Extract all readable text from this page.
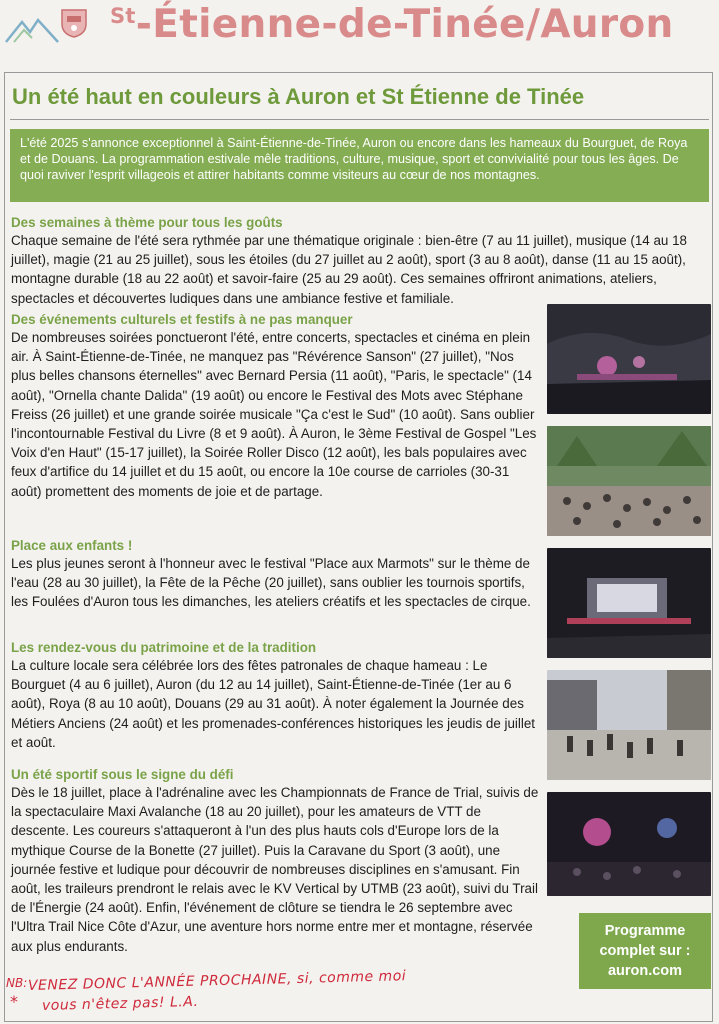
$^{St}$-Étienne-de-Tinée/Auron
Un été haut en couleurs à Auron et St Étienne de Tinée
L'été 2025 s'annonce exceptionnel à Saint-Étienne-de-Tinée, Auron ou encore dans les hameaux du Bourguet, de Roya et de Douans. La programmation estivale mêle traditions, culture, musique, sport et convivialité pour tous les âges. De quoi raviver l'esprit villageois et attirer habitants comme visiteurs au cœur de nos montagnes.
Des semaines à thème pour tous les goûts
Chaque semaine de l'été sera rythmée par une thématique originale : bien-être (7 au 11 juillet), musique (14 au 18 juillet), magie (21 au 25 juillet), sous les étoiles (du 27 juillet au 2 août), sport (3 au 8 août), danse (11 au 15 août), montagne durable (18 au 22 août) et savoir-faire (25 au 29 août). Ces semaines offriront animations, ateliers, spectacles et découvertes ludiques dans une ambiance festive et familiale.
Des événements culturels et festifs à ne pas manquer
De nombreuses soirées ponctueront l'été, entre concerts, spectacles et cinéma en plein air. À Saint-Étienne-de-Tinée, ne manquez pas "Révérence Sanson" (27 juillet), "Nos plus belles chansons éternelles" avec Bernard Persia (11 août), "Paris, le spectacle" (14 août), "Ornella chante Dalida" (19 août) ou encore le Festival des Mots avec Stéphane Freiss (26 juillet) et une grande soirée musicale "Ça c'est le Sud" (10 août). Sans oublier l'incontournable Festival du Livre (8 et 9 août). À Auron, le 3ème Festival de Gospel "Les Voix d'en Haut" (15-17 juillet), la Soirée Roller Disco (12 août), les bals populaires avec feux d'artifice du 14 juillet et du 15 août, ou encore la 10e course de carrioles (30-31 août) promettent des moments de joie et de partage.
Place aux enfants !
Les plus jeunes seront à l'honneur avec le festival "Place aux Marmots" sur le thème de l'eau (28 au 30 juillet), la Fête de la Pêche (20 juillet), sans oublier les tournois sportifs, les Foulées d'Auron tous les dimanches, les ateliers créatifs et les spectacles de cirque.
Les rendez-vous du patrimoine et de la tradition
La culture locale sera célébrée lors des fêtes patronales de chaque hameau : Le Bourguet (4 au 6 juillet), Auron (du 12 au 14 juillet), Saint-Étienne-de-Tinée (1er au 6 août), Roya (8 au 10 août), Douans (29 au 31 août). À noter également la Journée des Métiers Anciens (24 août) et les promenades-conférences historiques les jeudis de juillet et août.
Un été sportif sous le signe du défi
Dès le 18 juillet, place à l'adrénaline avec les Championnats de France de Trial, suivis de la spectaculaire Maxi Avalanche (18 au 20 juillet), pour les amateurs de VTT de descente. Les coureurs s'attaqueront à l'un des plus hauts cols d'Europe lors de la mythique Course de la Bonette (27 juillet). Puis la Caravane du Sport (3 août), une journée festive et ludique pour découvrir de nombreuses disciplines en s'amusant. Fin août, les traileurs prendront le relais avec le KV Vertical by UTMB (23 août), suivi du Trail de l'Énergie (24 août). Enfin, l'événement de clôture se tiendra le 26 septembre avec l'Ultra Trail Nice Côte d'Azur, une aventure hors norme entre mer et montagne, réservée aux plus endurants.
Programme
complet sur :
auron.com
NB:
*
VENEZ DONC L'ANNÉE PROCHAINE, si, comme moi
vous n'êtez pas! L.A.
